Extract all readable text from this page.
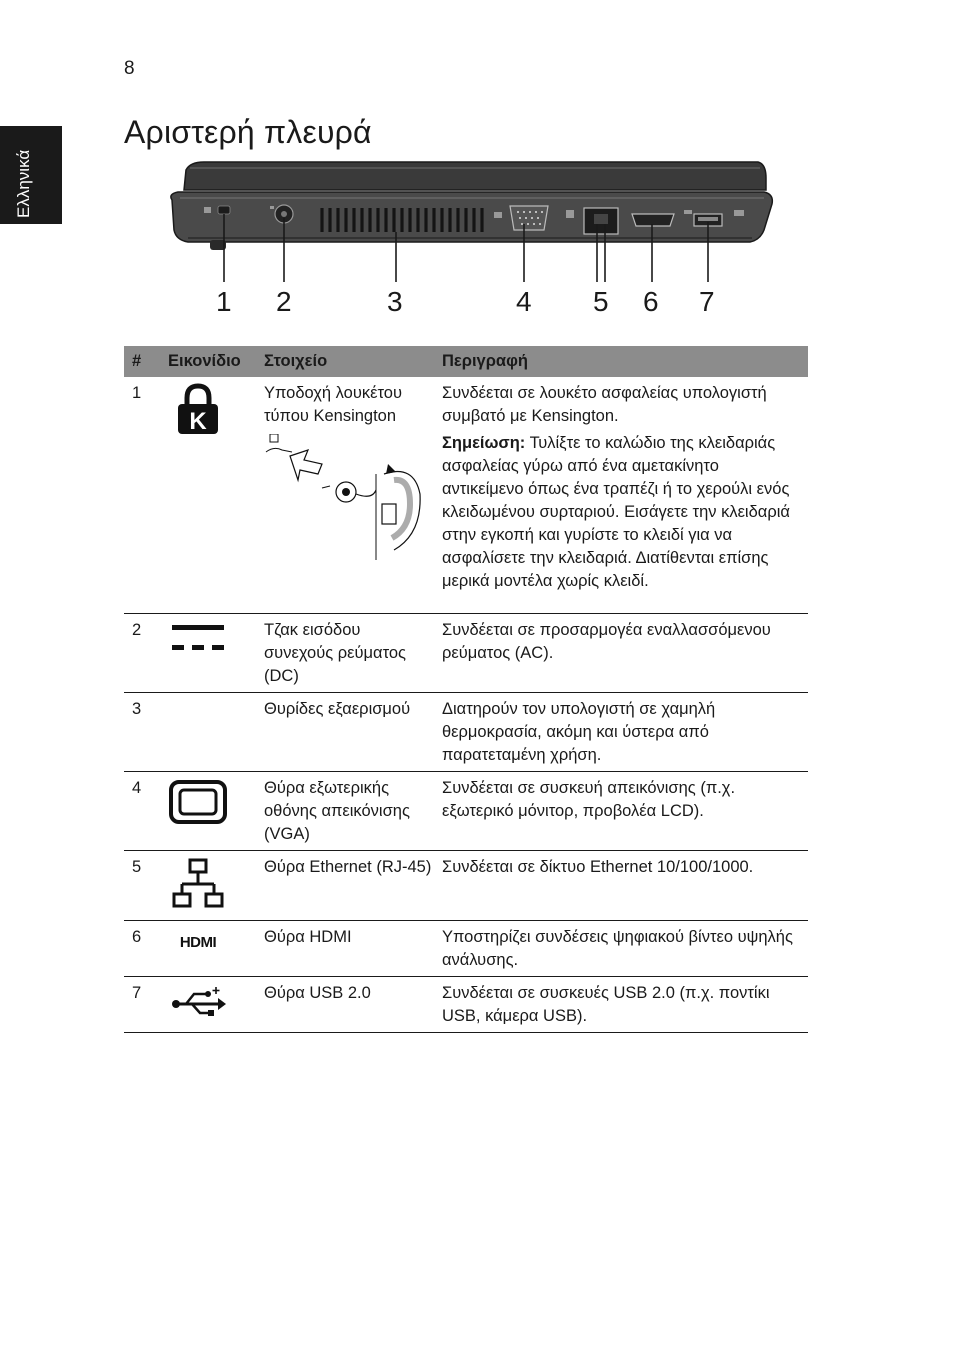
8
Ελληνικά
Αριστερή πλευρά
1 2	3	4 5 6 7
#	Εικονίδιο	Στοιχείο	Περιγραφή
1	K	Υποδοχή λουκέτου τύπου Kensington	Συνδέεται σε λουκέτο ασφαλείας υπολογιστή συμβατό με Kensington.

Σημείωση: Τυλίξτε το καλώδιο της κλειδαριάς ασφαλείας γύρω από ένα αμετακίνητο αντικείμενο όπως ένα τραπέζι ή το χερούλι ενός κλειδωμένου συρταριού. Εισάγετε την κλειδαριά στην εγκοπή και γυρίστε το κλειδί για να ασφαλίσετε την κλειδαριά. Διατίθενται επίσης μερικά μοντέλα χωρίς κλειδί.

2		Τζακ εισόδου συνεχούς ρεύματος (DC)	Συνδέεται σε προσαρμογέα εναλλασσόμενου ρεύματος (AC).
3		Θυρίδες εξαερισμού	Διατηρούν τον υπολογιστή σε χαμηλή θερμοκρασία, ακόμη και ύστερα από παρατεταμένη χρήση.
4		Θύρα εξωτερικής οθόνης απεικόνισης (VGA)	Συνδέεται σε συσκευή απεικόνισης (π.χ. εξωτερικό μόνιτορ, προβολέα LCD).
5		Θύρα Ethernet (RJ-45)	Συνδέεται σε δίκτυο Ethernet 10/100/1000.
6	HDMI	Θύρα HDMI	Υποστηρίζει συνδέσεις ψηφιακού βίντεο υψηλής ανάλυσης.
7		Θύρα USB 2.0	Συνδέεται σε συσκευές USB 2.0 (π.χ. ποντίκι USB, κάμερα USB).
